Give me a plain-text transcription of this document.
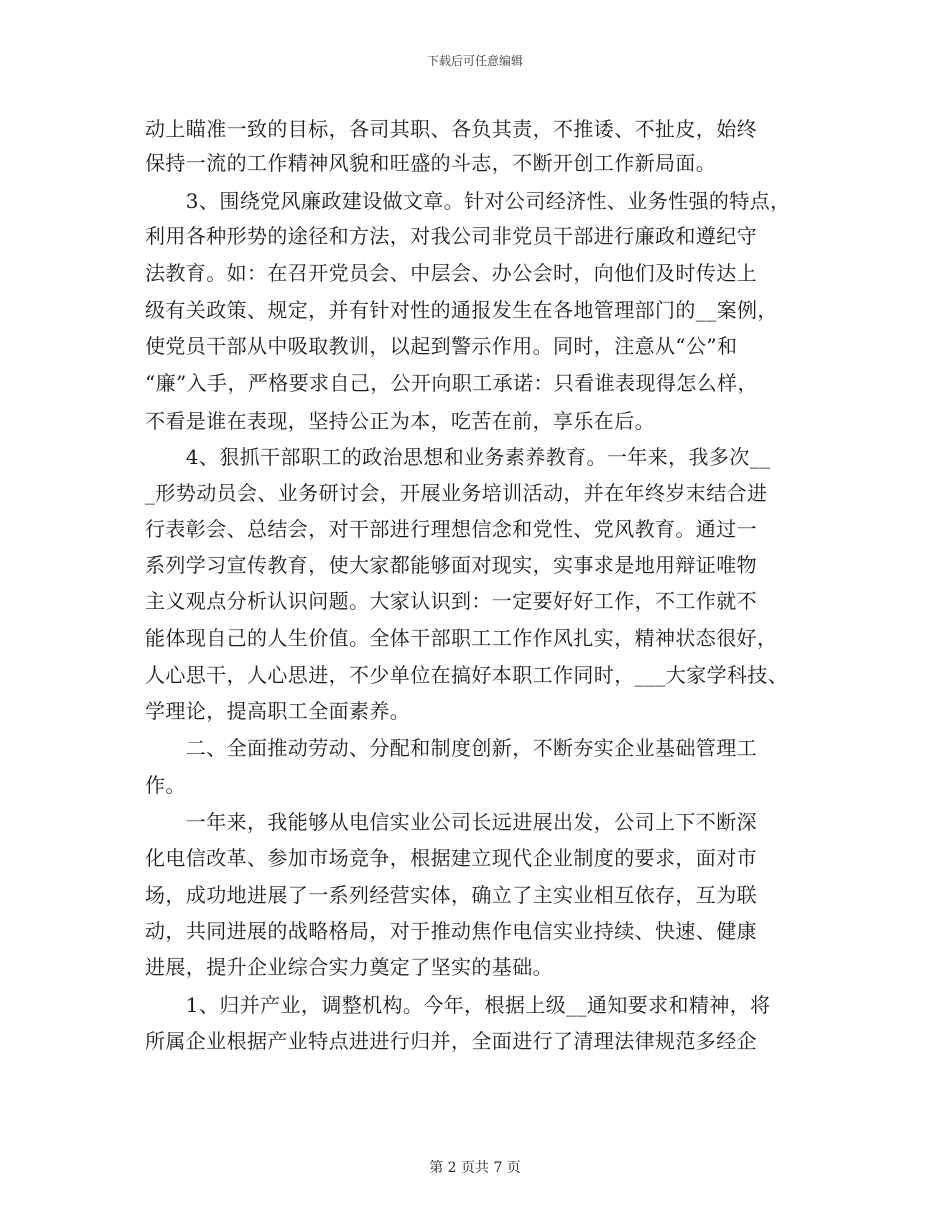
下载后可任意编辑
动上瞄准一致的目标，各司其职、各负其责，不推诿、不扯皮，始终
保持一流的工作精神风貌和旺盛的斗志，不断开创工作新局面。
　　3、围绕党风廉政建设做文章。针对公司经济性、业务性强的特点，
利用各种形势的途径和方法，对我公司非党员干部进行廉政和遵纪守
法教育。如：在召开党员会、中层会、办公会时，向他们及时传达上
级有关政策、规定，并有针对性的通报发生在各地管理部门的__案例，
使党员干部从中吸取教训，以起到警示作用。同时，注意从“公”和
“廉”入手，严格要求自己，公开向职工承诺：只看谁表现得怎么样，
不看是谁在表现，坚持公正为本，吃苦在前，享乐在后。
　　4、狠抓干部职工的政治思想和业务素养教育。一年来，我多次__
_形势动员会、业务研讨会，开展业务培训活动，并在年终岁末结合进
行表彰会、总结会，对干部进行理想信念和党性、党风教育。通过一
系列学习宣传教育，使大家都能够面对现实，实事求是地用辩证唯物
主义观点分析认识问题。大家认识到：一定要好好工作，不工作就不
能体现自己的人生价值。全体干部职工工作作风扎实，精神状态很好，
人心思干，人心思进，不少单位在搞好本职工作同时，___大家学科技、
学理论，提高职工全面素养。
　　二、全面推动劳动、分配和制度创新，不断夯实企业基础管理工
作。
　　一年来，我能够从电信实业公司长远进展出发，公司上下不断深
化电信改革、参加市场竞争，根据建立现代企业制度的要求，面对市
场，成功地进展了一系列经营实体，确立了主实业相互依存，互为联
动，共同进展的战略格局，对于推动焦作电信实业持续、快速、健康
进展，提升企业综合实力奠定了坚实的基础。
　　1、归并产业，调整机构。今年，根据上级__通知要求和精神，将
所属企业根据产业特点进进行归并，全面进行了清理法律规范多经企
第 2 页共 7 页
